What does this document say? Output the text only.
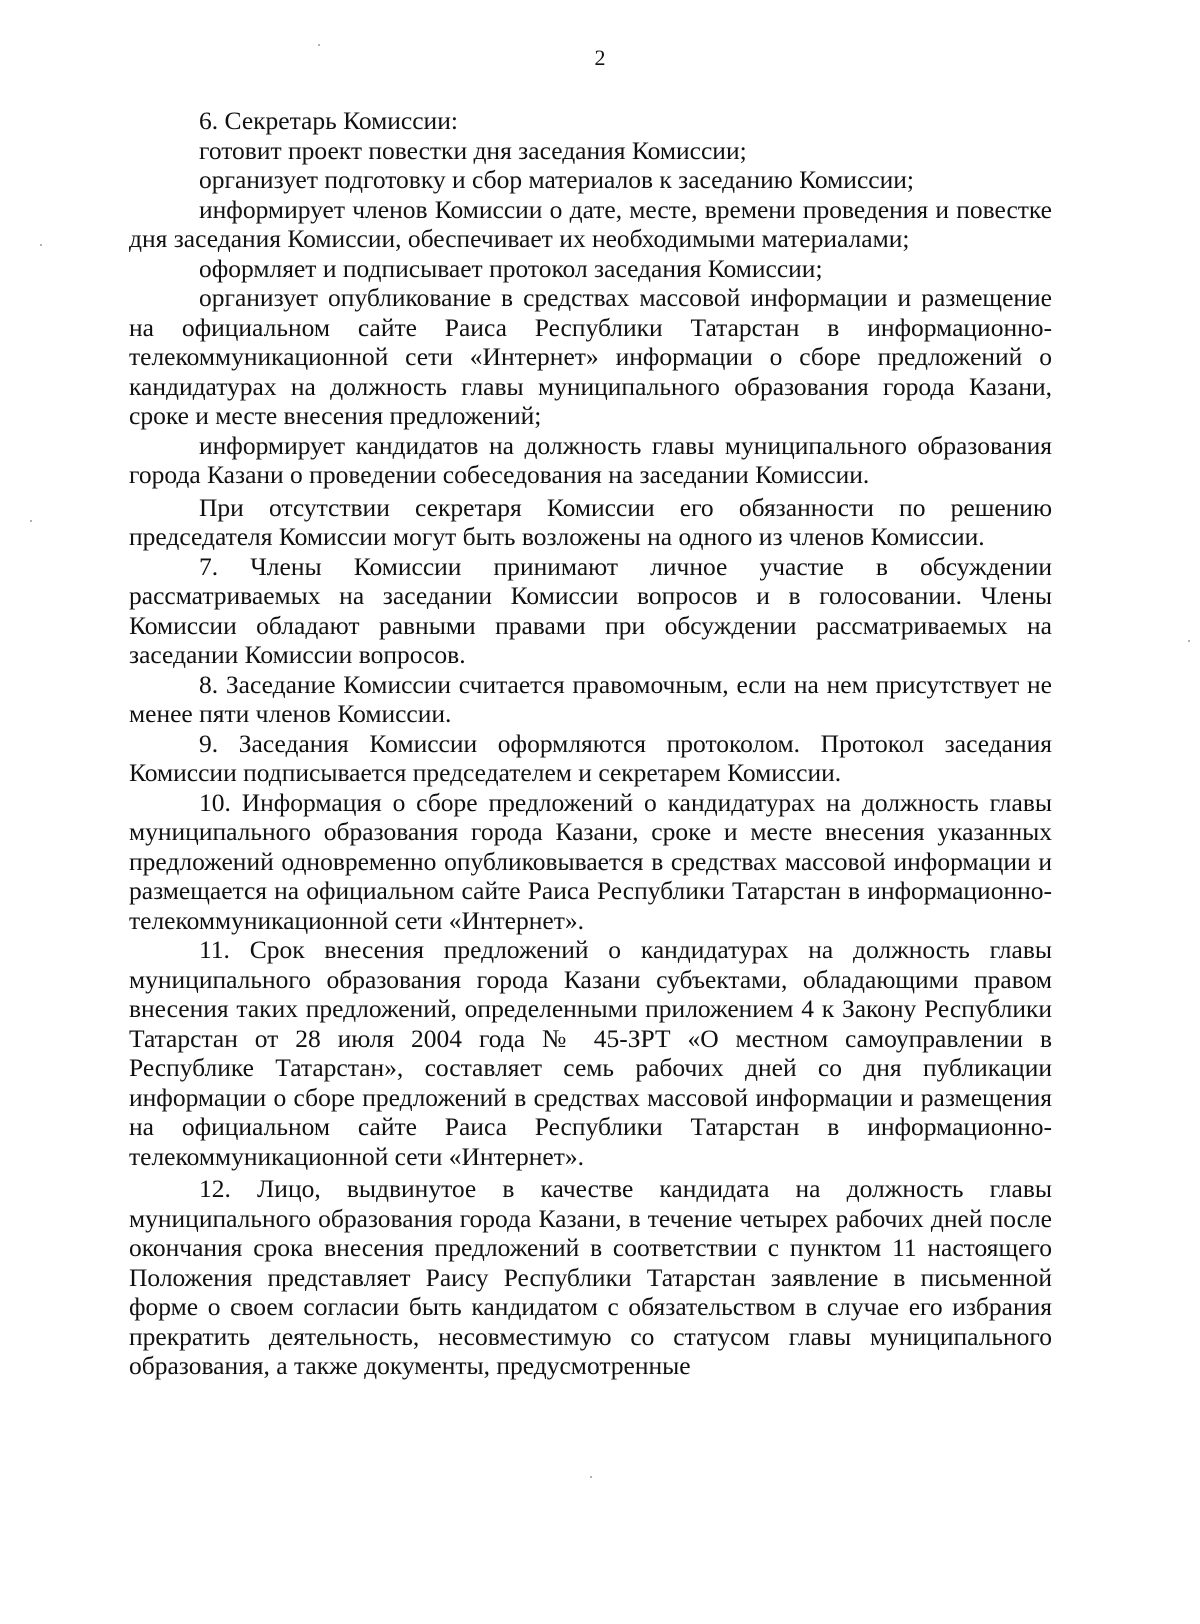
2

6. Секретарь Комиссии:

готовит проект повестки дня заседания Комиссии;

организует подготовку и сбор материалов к заседанию Комиссии;

информирует членов Комиссии о дате, месте, времени проведения и повестке дня заседания Комиссии, обеспечивает их необходимыми материалами;

оформляет и подписывает протокол заседания Комиссии;

организует опубликование в средствах массовой информации и размещение на официальном сайте Раиса Республики Татарстан в информационно-телекоммуникационной сети «Интернет» информации о сборе предложений о кандидатурах на должность главы муниципального образования города Казани, сроке и месте внесения предложений;

информирует кандидатов на должность главы муниципального образования города Казани о проведении собеседования на заседании Комиссии.

При отсутствии секретаря Комиссии его обязанности по решению председателя Комиссии могут быть возложены на одного из членов Комиссии.

7. Члены Комиссии принимают личное участие в обсуждении рассматриваемых на заседании Комиссии вопросов и в голосовании. Члены Комиссии обладают равными правами при обсуждении рассматриваемых на заседании Комиссии вопросов.

8. Заседание Комиссии считается правомочным, если на нем присутствует не менее пяти членов Комиссии.

9. Заседания Комиссии оформляются протоколом. Протокол заседания Комиссии подписывается председателем и секретарем Комиссии.

10. Информация о сборе предложений о кандидатурах на должность главы муниципального образования города Казани, сроке и месте внесения указанных предложений одновременно опубликовывается в средствах массовой информации и размещается на официальном сайте Раиса Республики Татарстан в информационно-телекоммуникационной сети «Интернет».

11. Срок внесения предложений о кандидатурах на должность главы муниципального образования города Казани субъектами, обладающими правом внесения таких предложений, определенными приложением 4 к Закону Республики Татарстан от 28 июля 2004 года № 45-ЗРТ «О местном самоуправлении в Республике Татарстан», составляет семь рабочих дней со дня публикации информации о сборе предложений в средствах массовой информации и размещения на официальном сайте Раиса Республики Татарстан в информационно-телекоммуникационной сети «Интернет».

12. Лицо, выдвинутое в качестве кандидата на должность главы муниципального образования города Казани, в течение четырех рабочих дней после окончания срока внесения предложений в соответствии с пунктом 11 настоящего Положения представляет Раису Республики Татарстан заявление в письменной форме о своем согласии быть кандидатом с обязательством в случае его избрания прекратить деятельность, несовместимую со статусом главы муниципального образования, а также документы, предусмотренные
